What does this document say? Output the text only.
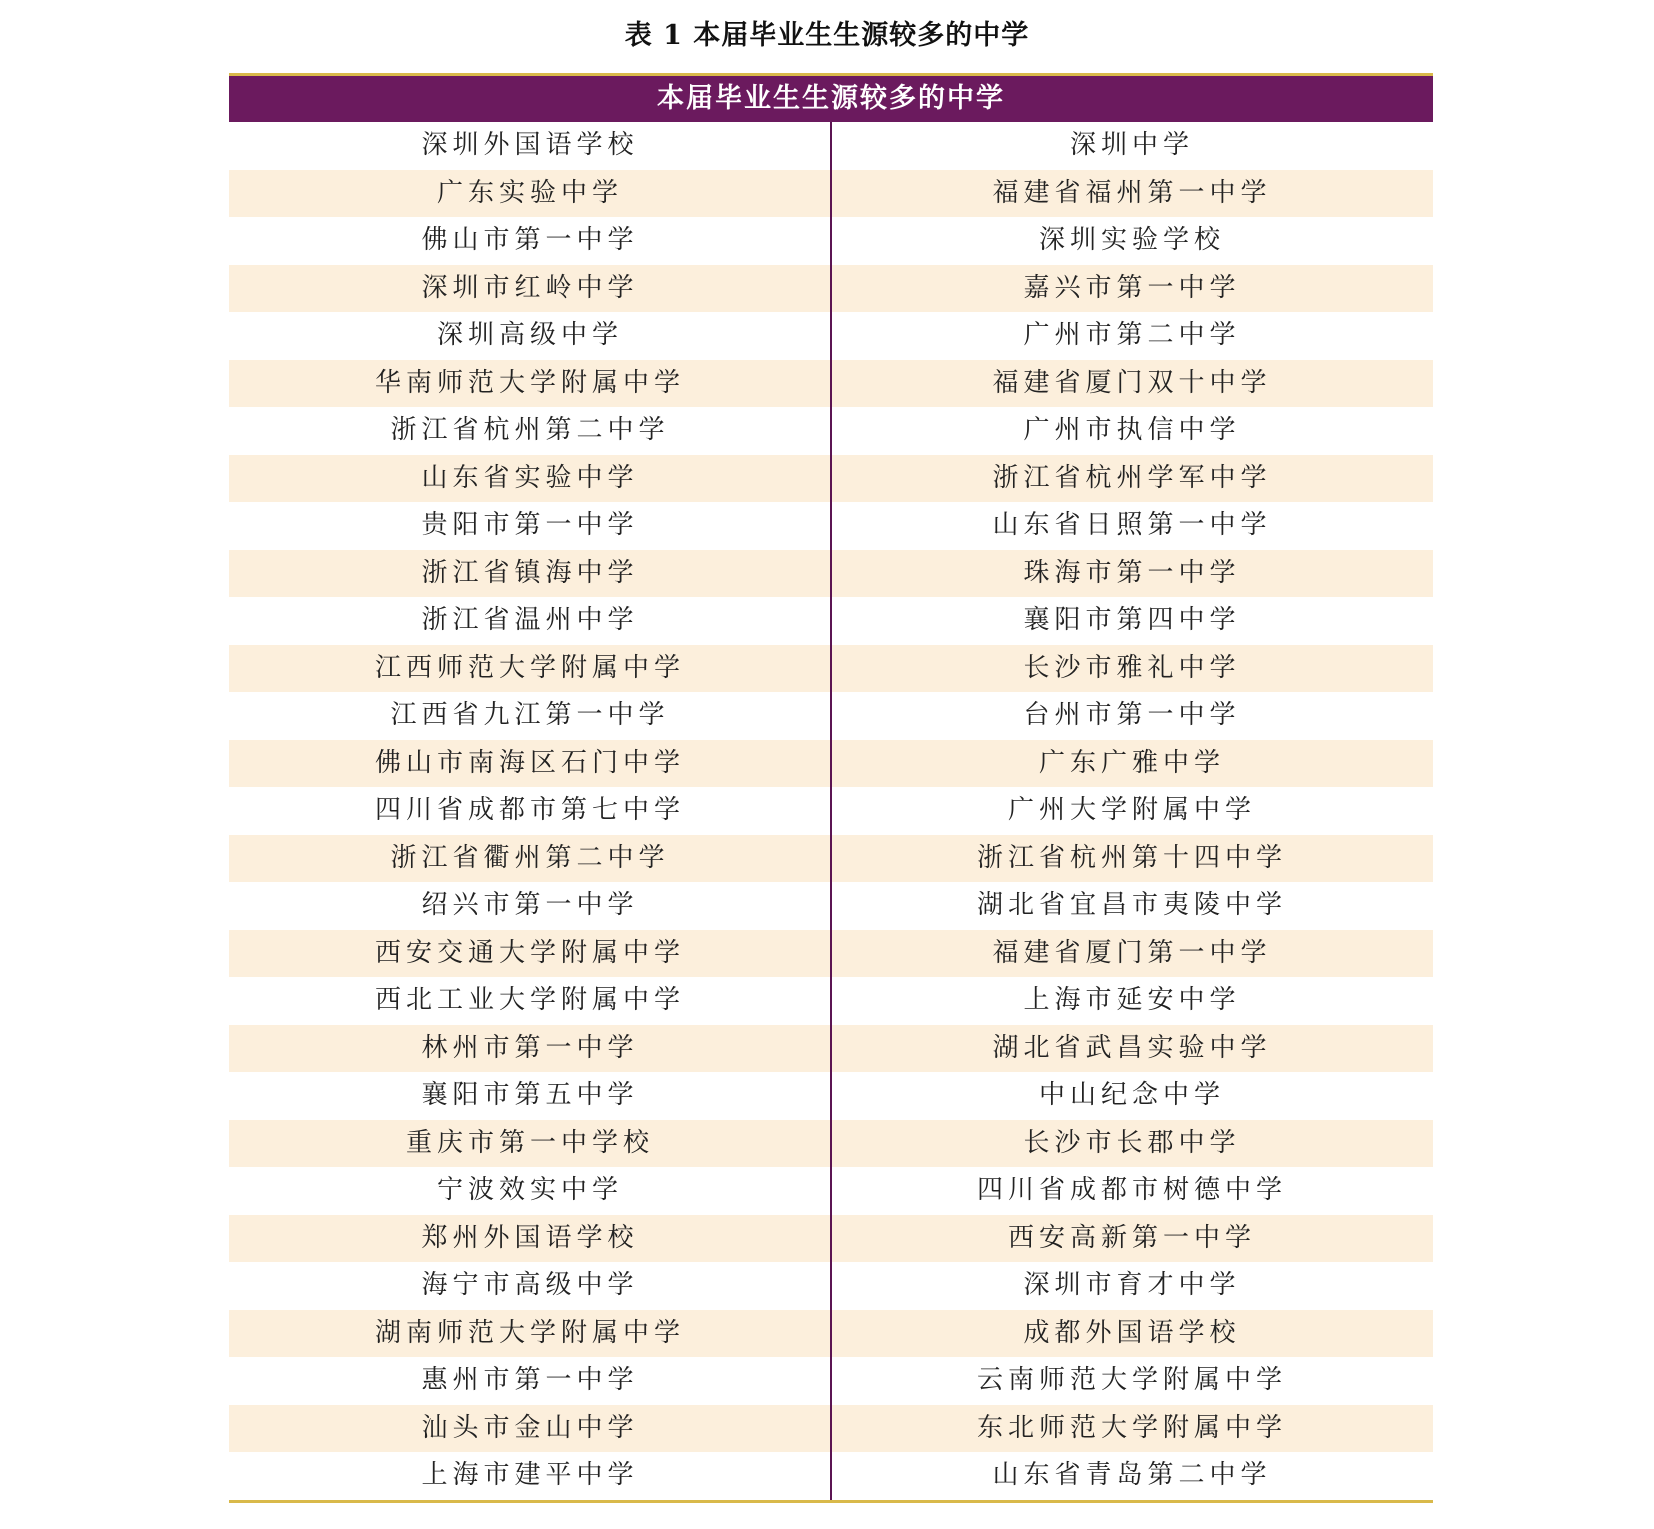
表 1 本届毕业生生源较多的中学
本届毕业生生源较多的中学
深圳外国语学校	深圳中学
广东实验中学	福建省福州第一中学
佛山市第一中学	深圳实验学校
深圳市红岭中学	嘉兴市第一中学
深圳高级中学	广州市第二中学
华南师范大学附属中学	福建省厦门双十中学
浙江省杭州第二中学	广州市执信中学
山东省实验中学	浙江省杭州学军中学
贵阳市第一中学	山东省日照第一中学
浙江省镇海中学	珠海市第一中学
浙江省温州中学	襄阳市第四中学
江西师范大学附属中学	长沙市雅礼中学
江西省九江第一中学	台州市第一中学
佛山市南海区石门中学	广东广雅中学
四川省成都市第七中学	广州大学附属中学
浙江省衢州第二中学	浙江省杭州第十四中学
绍兴市第一中学	湖北省宜昌市夷陵中学
西安交通大学附属中学	福建省厦门第一中学
西北工业大学附属中学	上海市延安中学
林州市第一中学	湖北省武昌实验中学
襄阳市第五中学	中山纪念中学
重庆市第一中学校	长沙市长郡中学
宁波效实中学	四川省成都市树德中学
郑州外国语学校	西安高新第一中学
海宁市高级中学	深圳市育才中学
湖南师范大学附属中学	成都外国语学校
惠州市第一中学	云南师范大学附属中学
汕头市金山中学	东北师范大学附属中学
上海市建平中学	山东省青岛第二中学
